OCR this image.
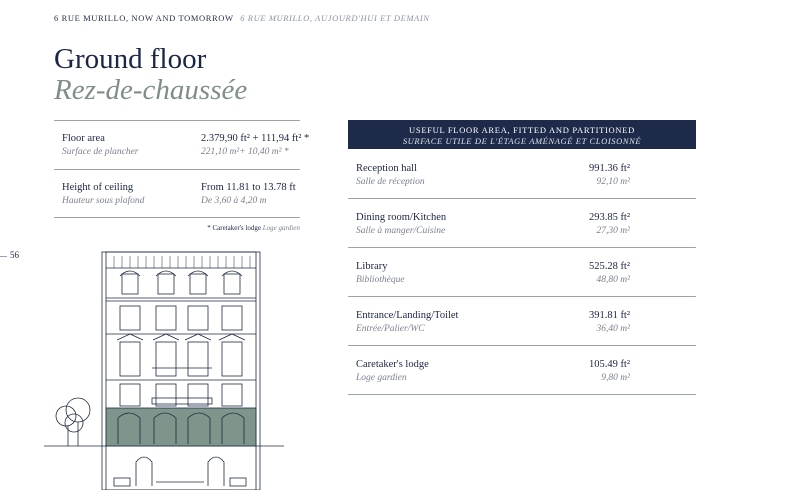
6 RUE MURILLO, NOW AND TOMORROW 6 RUE MURILLO, AUJOURD'HUI ET DEMAIN
Ground floor
Rez-de-chaussée
Floor area
Surface de plancher
2.379,90 ft² + 111,94 ft² *
221,10 m²+ 10,40 m² *
Height of ceiling
Hauteur sous plafond
From 11.81 to 13.78 ft
De 3,60 à 4,20 m
* Caretaker's lodge Loge gardien
56
USEFUL FLOOR AREA, FITTED AND PARTITIONED
SURFACE UTILE DE L'ÉTAGE AMÉNAGÉ ET CLOISONNÉ
Reception hall
Salle de réception
991.36 ft²
92,10 m²
Dining room/Kitchen
Salle à manger/Cuisine
293.85 ft²
27,30 m²
Library
Bibliothèque
525.28 ft²
48,80 m²
Entrance/Landing/Toilet
Entrée/Palier/WC
391.81 ft²
36,40 m²
Caretaker's lodge
Loge gardien
105.49 ft²
9,80 m²
